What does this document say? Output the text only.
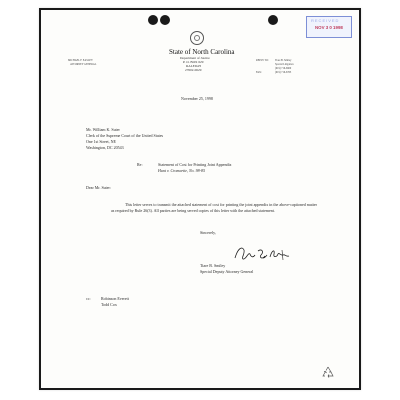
MICHAEL F. EASLEY
ATTORNEY GENERAL
State of North Carolina
Department of Justice
P. O. BOX 629
RALEIGH
27602-0629
REPLY TO: Tiare B. Smiley
Special Litigation
(919) 716-6900
FAX:	(919) 716-6763
November 25, 1998
Mr. William K. Suter
Clerk of the Supreme Court of the United States
One 1st Street, NE
Washington, DC 20543
Re:	Statement of Cost for Printing Joint Appendix
Hunt v. Cromartie, No. 98-85
Dear Mr. Suter:
This letter serves to transmit the attached statement of cost for printing the joint appendix in the above-captioned matter as required by Rule 26(3). All parties are being served copies of this letter with the attached statement.
Sincerely,
Tiare B. Smiley
Special Deputy Attorney General
cc:	Robinson Everett
Todd Cox
RECEIVED
NOV 3 0 1998
